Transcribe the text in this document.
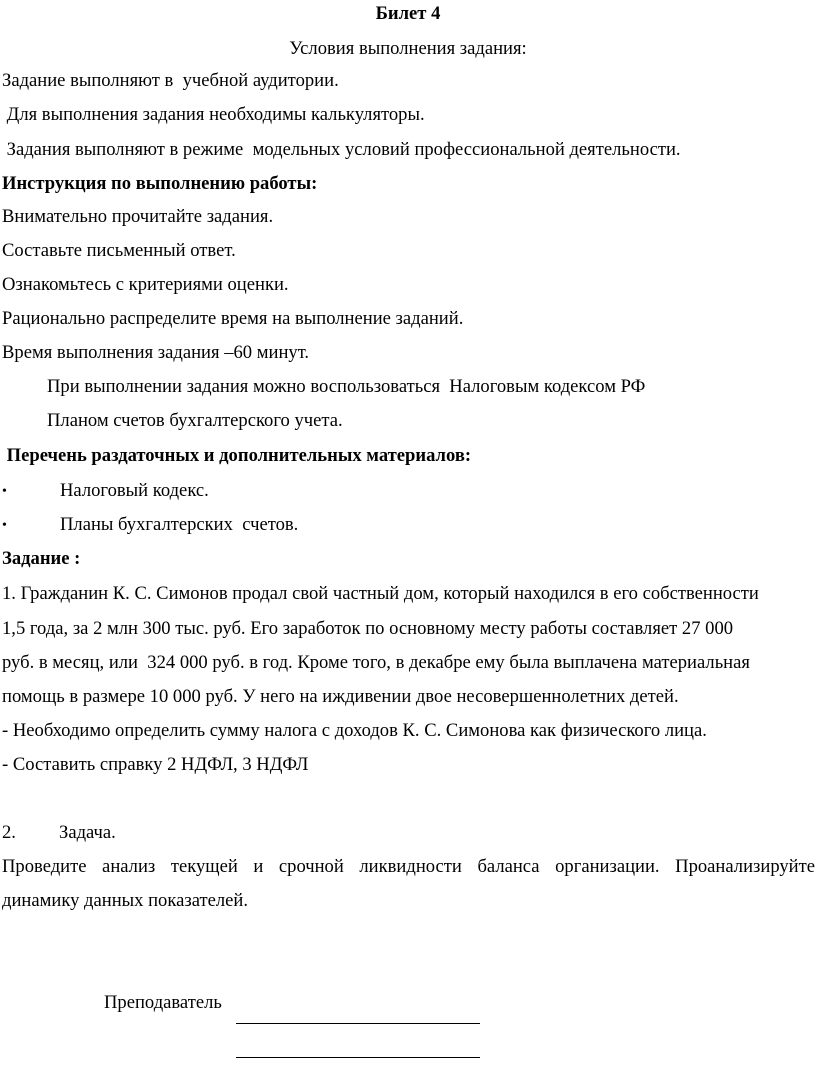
Билет 4
Условия выполнения задания:
Задание выполняют в  учебной аудитории.
Для выполнения задания необходимы калькуляторы.
Задания выполняют в режиме  модельных условий профессиональной деятельности.
Инструкция по выполнению работы:
Внимательно прочитайте задания.
Составьте письменный ответ.
Ознакомьтесь с критериями оценки.
Рационально распределите время на выполнение заданий.
Время выполнения задания –60 минут.
При выполнении задания можно воспользоваться  Налоговым кодексом РФ
Планом счетов бухгалтерского учета.
Перечень раздаточных и дополнительных материалов:
•	Налоговый кодекс.
•	Планы бухгалтерских  счетов.
Задание :
1. Гражданин К. С. Симонов продал свой частный дом, который находился в его собственности
1,5 года, за 2 млн 300 тыс. руб. Его заработок по основному месту работы составляет 27 000
руб. в месяц, или  324 000 руб. в год. Кроме того, в декабре ему была выплачена материальная
помощь в размере 10 000 руб. У него на иждивении двое несовершеннолетних детей.
- Необходимо определить сумму налога с доходов К. С. Симонова как физического лица.
- Составить справку 2 НДФЛ, 3 НДФЛ
2. Задача.
Проведите анализ текущей и срочной ликвидности баланса организации. Проанализируйте
динамику данных показателей.
Преподаватель
